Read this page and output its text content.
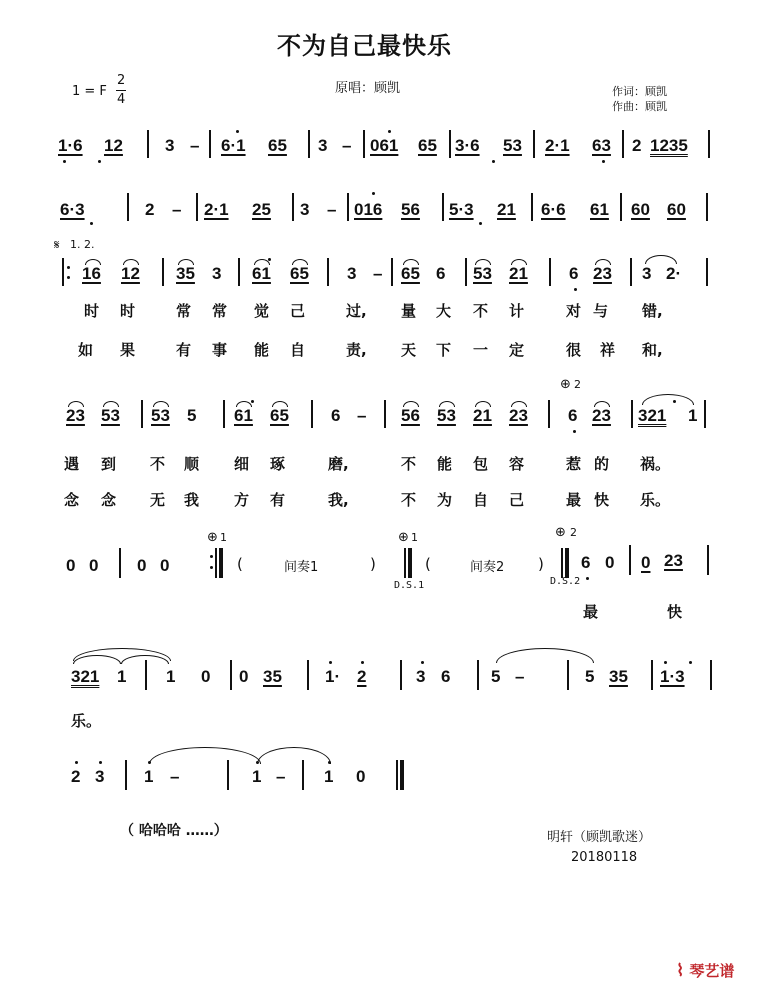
不为自己最快乐
1 = F
2
4
原唱：顾凯	作词：顾凯
作曲：顾凯
1·6 12 3 – 6·1 65 3 – 061 65 3·6 53 2·1 63 2 1235
6·3	2 – 2·1 25 3 – 016 56 5·3 21 6·6 61 60 60
𝄋 1. 2.
16 12 35 3 61 65 3 – 65 6 53 21 6 23 3 2·
时 时	常 常 觉 己	过, 量 大 不 计	对 与 错,
如 果	有 事 能 自	责, 天 下 一 定	很 祥 和,
23 53 53 5 61 65 6 – 56 53 21 23
⊕ 2
6 23 321 1
遇 到 不 顺 细 琢	磨,	不 能 包 容	惹 的 祸。
念 念 无 我 方 有	我,	不 为 自 己	最 快 乐。
0 0 0 0
⊕ 1
(	间奏1	)
⊕ 1
D.S.1
(	间奏2 )
⊕ 2
D.S.2
6 0 0 23
最	快
321 1 1 0 0 35	1· 2	3 6 5 –	5 35 1·3
乐。
2 3 1 –	1 – 1 0
（ 哈哈哈 ……）	明轩（顾凯歌迷）
20180118
⌇ 琴艺谱
